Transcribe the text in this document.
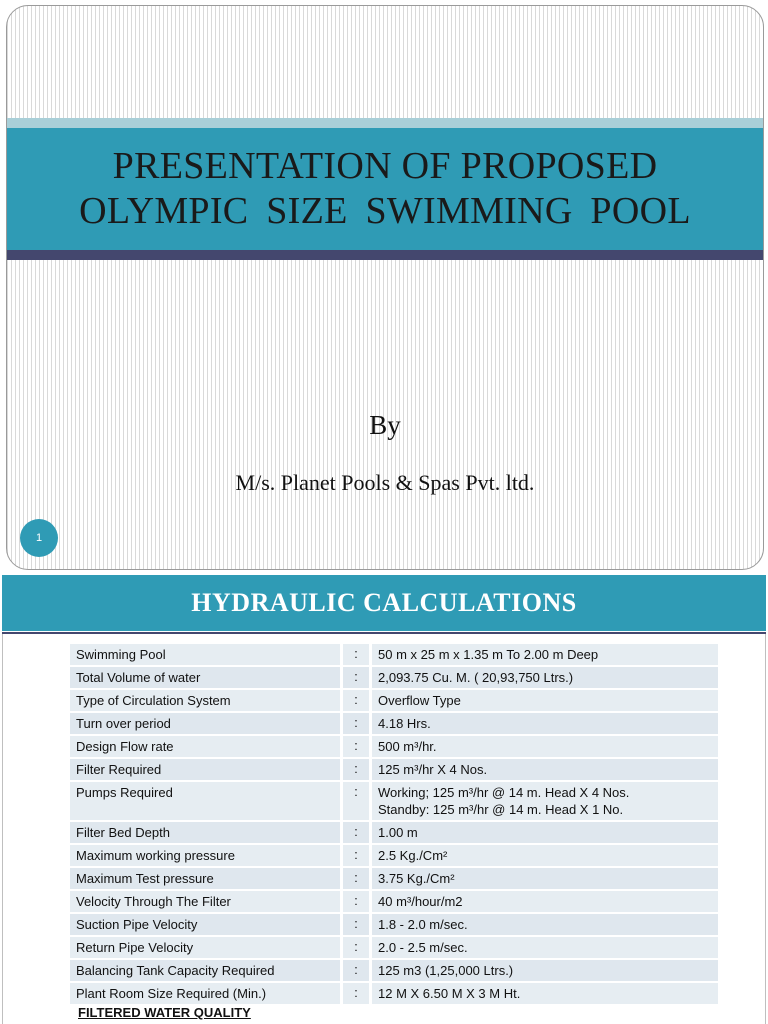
PRESENTATION OF PROPOSED
OLYMPIC SIZE SWIMMING POOL
By
M/s. Planet Pools & Spas Pvt. ltd.
1
HYDRAULIC CALCULATIONS
Swimming Pool	:	50 m x 25 m x 1.35 m To 2.00 m Deep

Total Volume of water	:	2,093.75 Cu. M. ( 20,93,750 Ltrs.)

Type of Circulation System	:	Overflow Type

Turn over period	:	4.18 Hrs.

Design Flow rate	:	500 m³/hr.

Filter Required	:	125 m³/hr X 4 Nos.

Pumps Required	:	Working; 125 m³/hr @ 14 m. Head X 4 Nos.
Standby: 125 m³/hr @ 14 m. Head X 1 No.

Filter Bed Depth	:	1.00 m

Maximum working pressure	:	2.5 Kg./Cm²

Maximum Test pressure	:	3.75 Kg./Cm²

Velocity Through The Filter	:	40 m³/hour/m2

Suction Pipe Velocity	:	1.8 - 2.0 m/sec.

Return Pipe Velocity	:	2.0 - 2.5 m/sec.

Balancing Tank Capacity Required	:	125 m3 (1,25,000 Ltrs.)

Plant Room Size Required (Min.)	:	12 M X 6.50 M X 3 M Ht.
FILTERED WATER QUALITY
